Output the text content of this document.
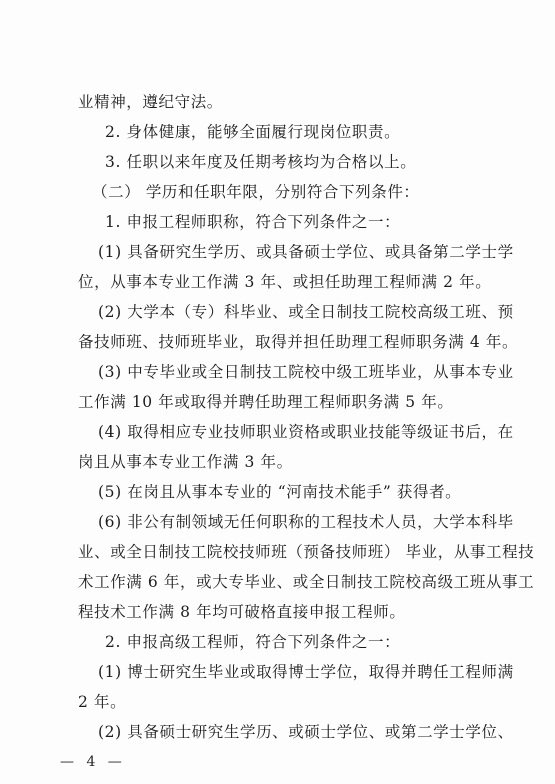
业精神，遵纪守法。
2. 身体健康，能够全面履行现岗位职责。
3. 任职以来年度及任期考核均为合格以上。
（二） 学历和任职年限，分别符合下列条件：
1. 申报工程师职称，符合下列条件之一：
(1) 具备研究生学历、或具备硕士学位、或具备第二学士学
位，从事本专业工作满 3 年、或担任助理工程师满 2 年。
(2) 大学本（专）科毕业、或全日制技工院校高级工班、预
备技师班、技师班毕业，取得并担任助理工程师职务满 4 年。
(3) 中专毕业或全日制技工院校中级工班毕业，从事本专业
工作满 10 年或取得并聘任助理工程师职务满 5 年。
(4) 取得相应专业技师职业资格或职业技能等级证书后，在
岗且从事本专业工作满 3 年。
(5) 在岗且从事本专业的 “河南技术能手” 获得者。
(6) 非公有制领域无任何职称的工程技术人员，大学本科毕
业、或全日制技工院校技师班（预备技师班） 毕业，从事工程技
术工作满 6 年，或大专毕业、或全日制技工院校高级工班从事工
程技术工作满 8 年均可破格直接申报工程师。
2. 申报高级工程师，符合下列条件之一：
(1) 博士研究生毕业或取得博士学位，取得并聘任工程师满
2 年。
(2) 具备硕士研究生学历、或硕士学位、或第二学士学位、
— 4 —
